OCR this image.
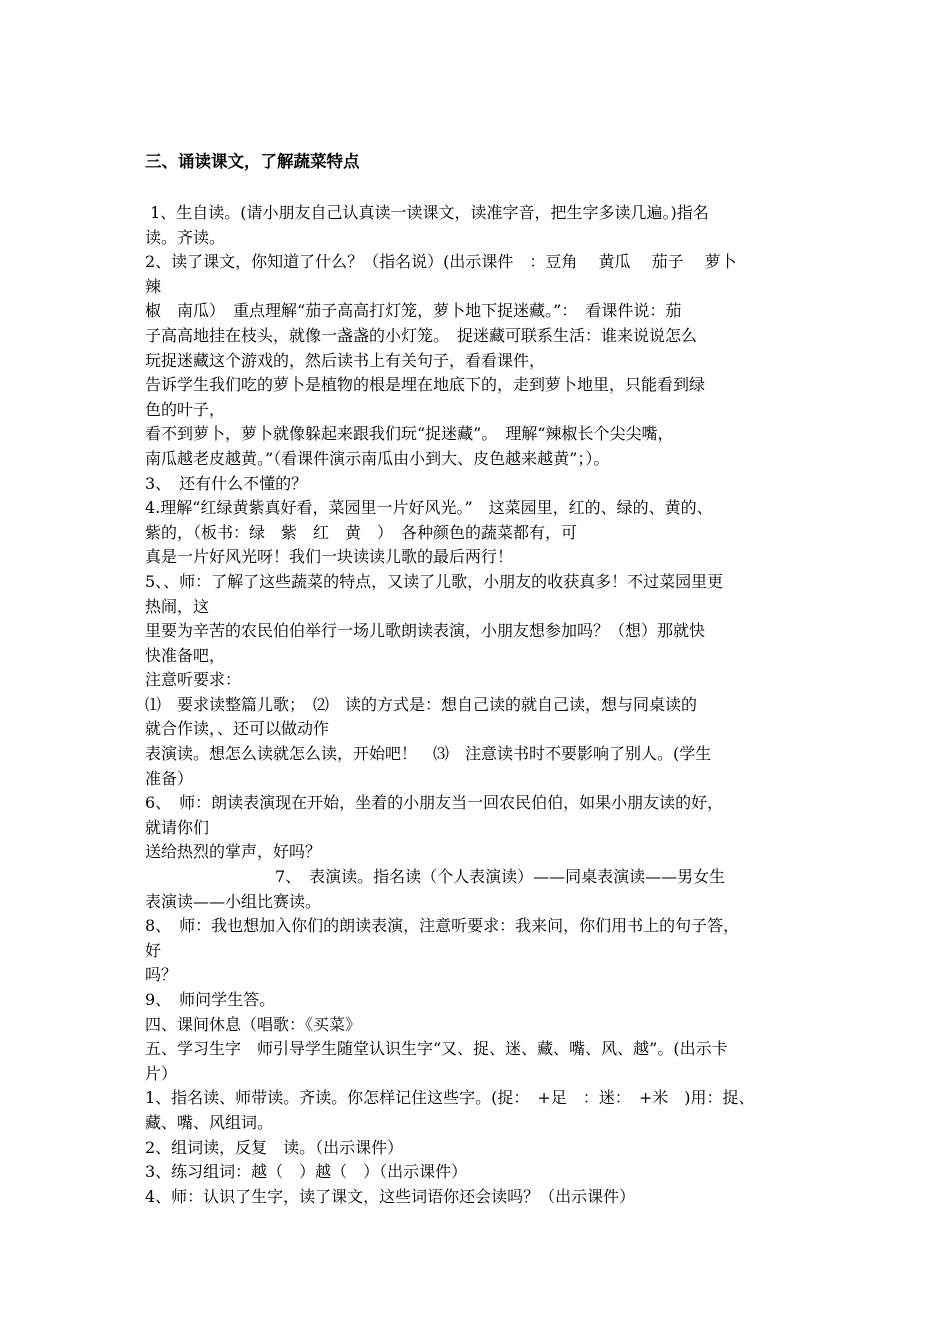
三、诵读课文，了解蔬菜特点
1、生自读。(请小朋友自己认真读一读课文，读准字音，把生字多读几遍。)指名
读。齐读。
2、读了课文，你知道了什么？（指名说）(出示课件　：豆角　 黄瓜　 茄子　 萝卜
辣
椒　南瓜）　重点理解“茄子高高打灯笼，萝卜地下捉迷藏。”：　看课件说：茄
子高高地挂在枝头，就像一盏盏的小灯笼。　捉迷藏可联系生活：谁来说说怎么
玩捉迷藏这个游戏的，然后读书上有关句子，看看课件，
告诉学生我们吃的萝卜是植物的根是埋在地底下的，走到萝卜地里，只能看到绿
色的叶子，
看不到萝卜，萝卜就像躲起来跟我们玩“捉迷藏”。　理解“辣椒长个尖尖嘴，
南瓜越老皮越黄。”（看课件演示南瓜由小到大、皮色越来越黄”；）。
3、　还有什么不懂的？
4.理解“红绿黄紫真好看，菜园里一片好风光。”　这菜园里，红的、绿的、黄的、
紫的，（板书：绿　紫　红　黄　）　各种颜色的蔬菜都有，可
真是一片好风光呀！我们一块读读儿歌的最后两行！
5、、师：了解了这些蔬菜的特点，又读了儿歌，小朋友的收获真多！不过菜园里更
热闹，这
里要为辛苦的农民伯伯举行一场儿歌朗读表演，小朋友想参加吗？（想）那就快
快准备吧，
注意听要求：
⑴　要求读整篇儿歌；　⑵　读的方式是：想自己读的就自己读，想与同桌读的
就合作读，、还可以做动作
表演读。想怎么读就怎么读，开始吧！　⑶　注意读书时不要影响了别人。(学生
准备）
6、　师：朗读表演现在开始，坐着的小朋友当一回农民伯伯，如果小朋友读的好，
就请你们
送给热烈的掌声，好吗？
7、　表演读。指名读（个人表演读）——同桌表演读——男女生
表演读——小组比赛读。
8、　师：我也想加入你们的朗读表演，注意听要求：我来问，你们用书上的句子答，
好
吗？
9、　师问学生答。
四、课间休息（唱歌：《买菜》
五、学习生字　师引导学生随堂认识生字“又、捉、迷、藏、嘴、风、越”。(出示卡
片）
1、指名读、师带读。齐读。你怎样记住这些字。(捉：　+足　：迷：　+米　)用：捉、
藏、嘴、风组词。
2、组词读，反复　读。（出示课件）
3、练习组词：越（　）越（　）（出示课件）
4、师：认识了生字，读了课文，这些词语你还会读吗？（出示课件）
